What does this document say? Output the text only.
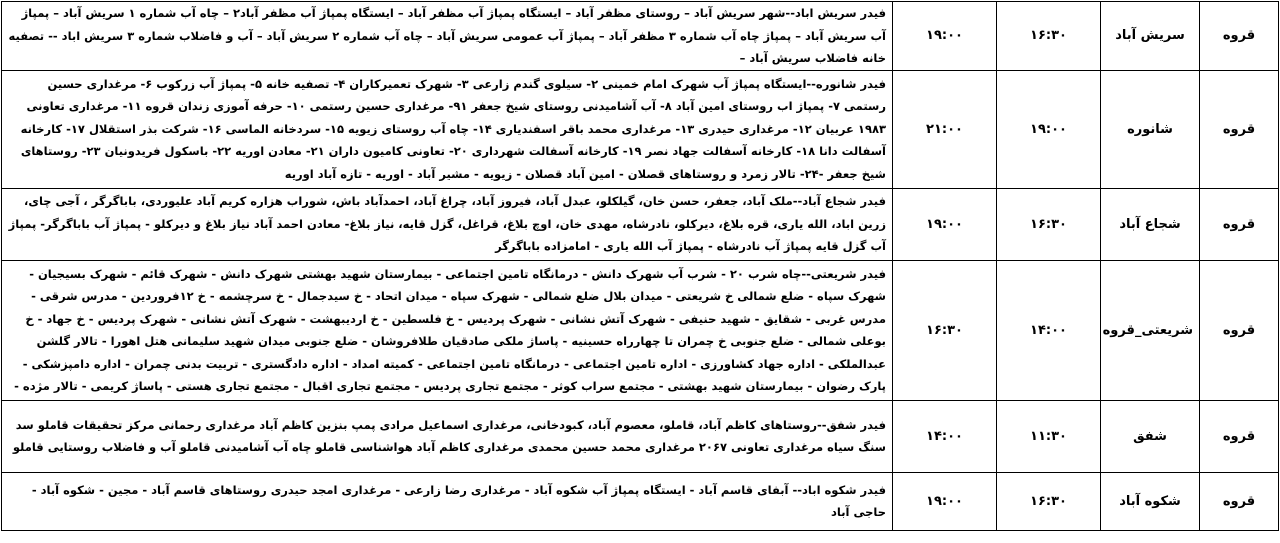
قروه	سریش آباد	۱۶:۳۰	۱۹:۰۰	فیدر سریش اباد--شهر سریش آباد – روستای مظفر آباد – ایستگاه پمپاژ آب مظفر آباد – ایستگاه پمپاژ آب مظفر آباد۲ – چاه آب شماره ۱ سریش آباد – پمپاژ آب سریش آباد – پمپاژ چاه آب شماره ۳ مظفر آباد – پمپاژ آب عمومی سریش آباد – چاه آب شماره ۲ سریش آباد – آب و فاضلاب شماره ۳ سریش اباد -- تصفیه خانه فاضلاب سریش آباد –
قروه	شانوره	۱۹:۰۰	۲۱:۰۰	فیدر شانوره--ایستگاه پمپاژ آب شهرک امام خمینی ۲- سیلوی گندم زارعی ۳- شهرک تعمیرکاران ۴- تصفیه خانه ۵- پمپاژ آب زرکوب ۶- مرغداری حسین رستمی ۷- پمپاژ اب روستای امین آباد ۸- آب آشامیدنی روستای شیخ جعفر ۹۱- مرغداری حسین رستمی ۱۰- حرفه آموزی زندان قروه ۱۱- مرغداری تعاونی ۱۹۸۳ عربیان ۱۲- مرغداری حیدری ۱۳- مرغداری محمد باقر اسفندیاری ۱۴- چاه آب روستای زیویه ۱۵- سردخانه الماسی ۱۶- شرکت بذر استقلال ۱۷- کارخانه آسفالت دانا ۱۸- کارخانه آسفالت جهاد نصر ۱۹- کارخانه آسفالت شهرداری ۲۰- تعاونی کامیون داران ۲۱- معادن اوریه ۲۲- باسکول فریدونیان ۲۳- روستاهای شیخ جعفر -۲۴- تالار زمرد و روستاهای قصلان - امین آباد قصلان - زیویه - مشیر آباد - اوریه - تازه آباد اوریه
قروه	شجاع آباد	۱۶:۳۰	۱۹:۰۰	فیدر شجاع آباد--ملک آباد، جعفر، حسن خان، گیلکلو، عبدل آباد، فیروز آباد، چراغ آباد، احمدآباد باش، شوراب هزاره کریم آباد علیوردی، باباگرگر ، آجی چای، زرین اباد، الله یاری، قره بلاغ، دیرکلو، نادرشاه، مهدی خان، اوچ بلاغ، قراغل، گزل قایه، نیاز بلاغ- معادن احمد آباد نیاز بلاغ و دیرکلو - پمپاژ آب باباگرگر- پمپاژ آب گزل قایه پمپاژ آب نادرشاه - پمپاژ آب الله یاری - امامزاده باباگرگر
قروه	شریعتی_قروه	۱۴:۰۰	۱۶:۳۰	فیدر شریعتی--چاه شرب ۲۰ - شرب آب شهرک دانش - درمانگاه تامین اجتماعی - بیمارستان شهید بهشتی شهرک دانش - شهرک قائم - شهرک بسیجیان - شهرک سپاه - ضلع شمالی خ شریعتی - میدان بلال ضلع شمالی - شهرک سپاه - میدان اتحاد - خ سیدجمال - خ سرچشمه - خ ۱۲فروردین - مدرس شرقی - مدرس غربی - شقایق - شهید حنیفی - شهرک آتش نشانی - شهرک پردیس - خ فلسطین - خ اردیبهشت - شهرک آتش نشانی - شهرک پردیس - خ جهاد - خ بوعلی شمالی - ضلع جنوبی خ چمران تا چهارراه حسینیه - پاساژ ملکی صادقیان طلافروشان - ضلع جنوبی میدان شهید سلیمانی هتل اهورا - تالار گلشن عبدالملکی - اداره جهاد کشاورزی - اداره تامین اجتماعی - درمانگاه تامین اجتماعی - کمیته امداد - اداره دادگستری - تربیت بدنی چمران - اداره دامپزشکی - پارک رضوان - بیمارستان شهید بهشتی - مجتمع سراب کوثر - مجتمع تجاری پردیس - مجتمع تجاری اقبال - مجتمع تجاری هستی - پاساژ کریمی - تالار مژده -
قروه	شفق	۱۱:۳۰	۱۴:۰۰	فیدر شفق--روستاهای کاظم آباد، قاملو، معصوم آباد، کبودخانی، مرغداری اسماعیل مرادی پمپ بنزین کاظم آباد مرغداری رحمانی مرکز تحقیقات قاملو سد سنگ سیاه مرغداری تعاونی ۲۰۶۷ مرغداری محمد حسین محمدی مرغداری کاظم آباد هواشناسی قاملو چاه آب آشامیدنی قاملو آب و فاضلاب روستایی قاملو
قروه	شکوه آباد	۱۶:۳۰	۱۹:۰۰	فیدر شکوه اباد-- آبفای قاسم آباد - ایستگاه پمپاژ آب شکوه آباد - مرغداری رضا زارعی - مرغداری امجد حیدری روستاهای قاسم آباد - مجین - شکوه آباد - حاجی آباد
